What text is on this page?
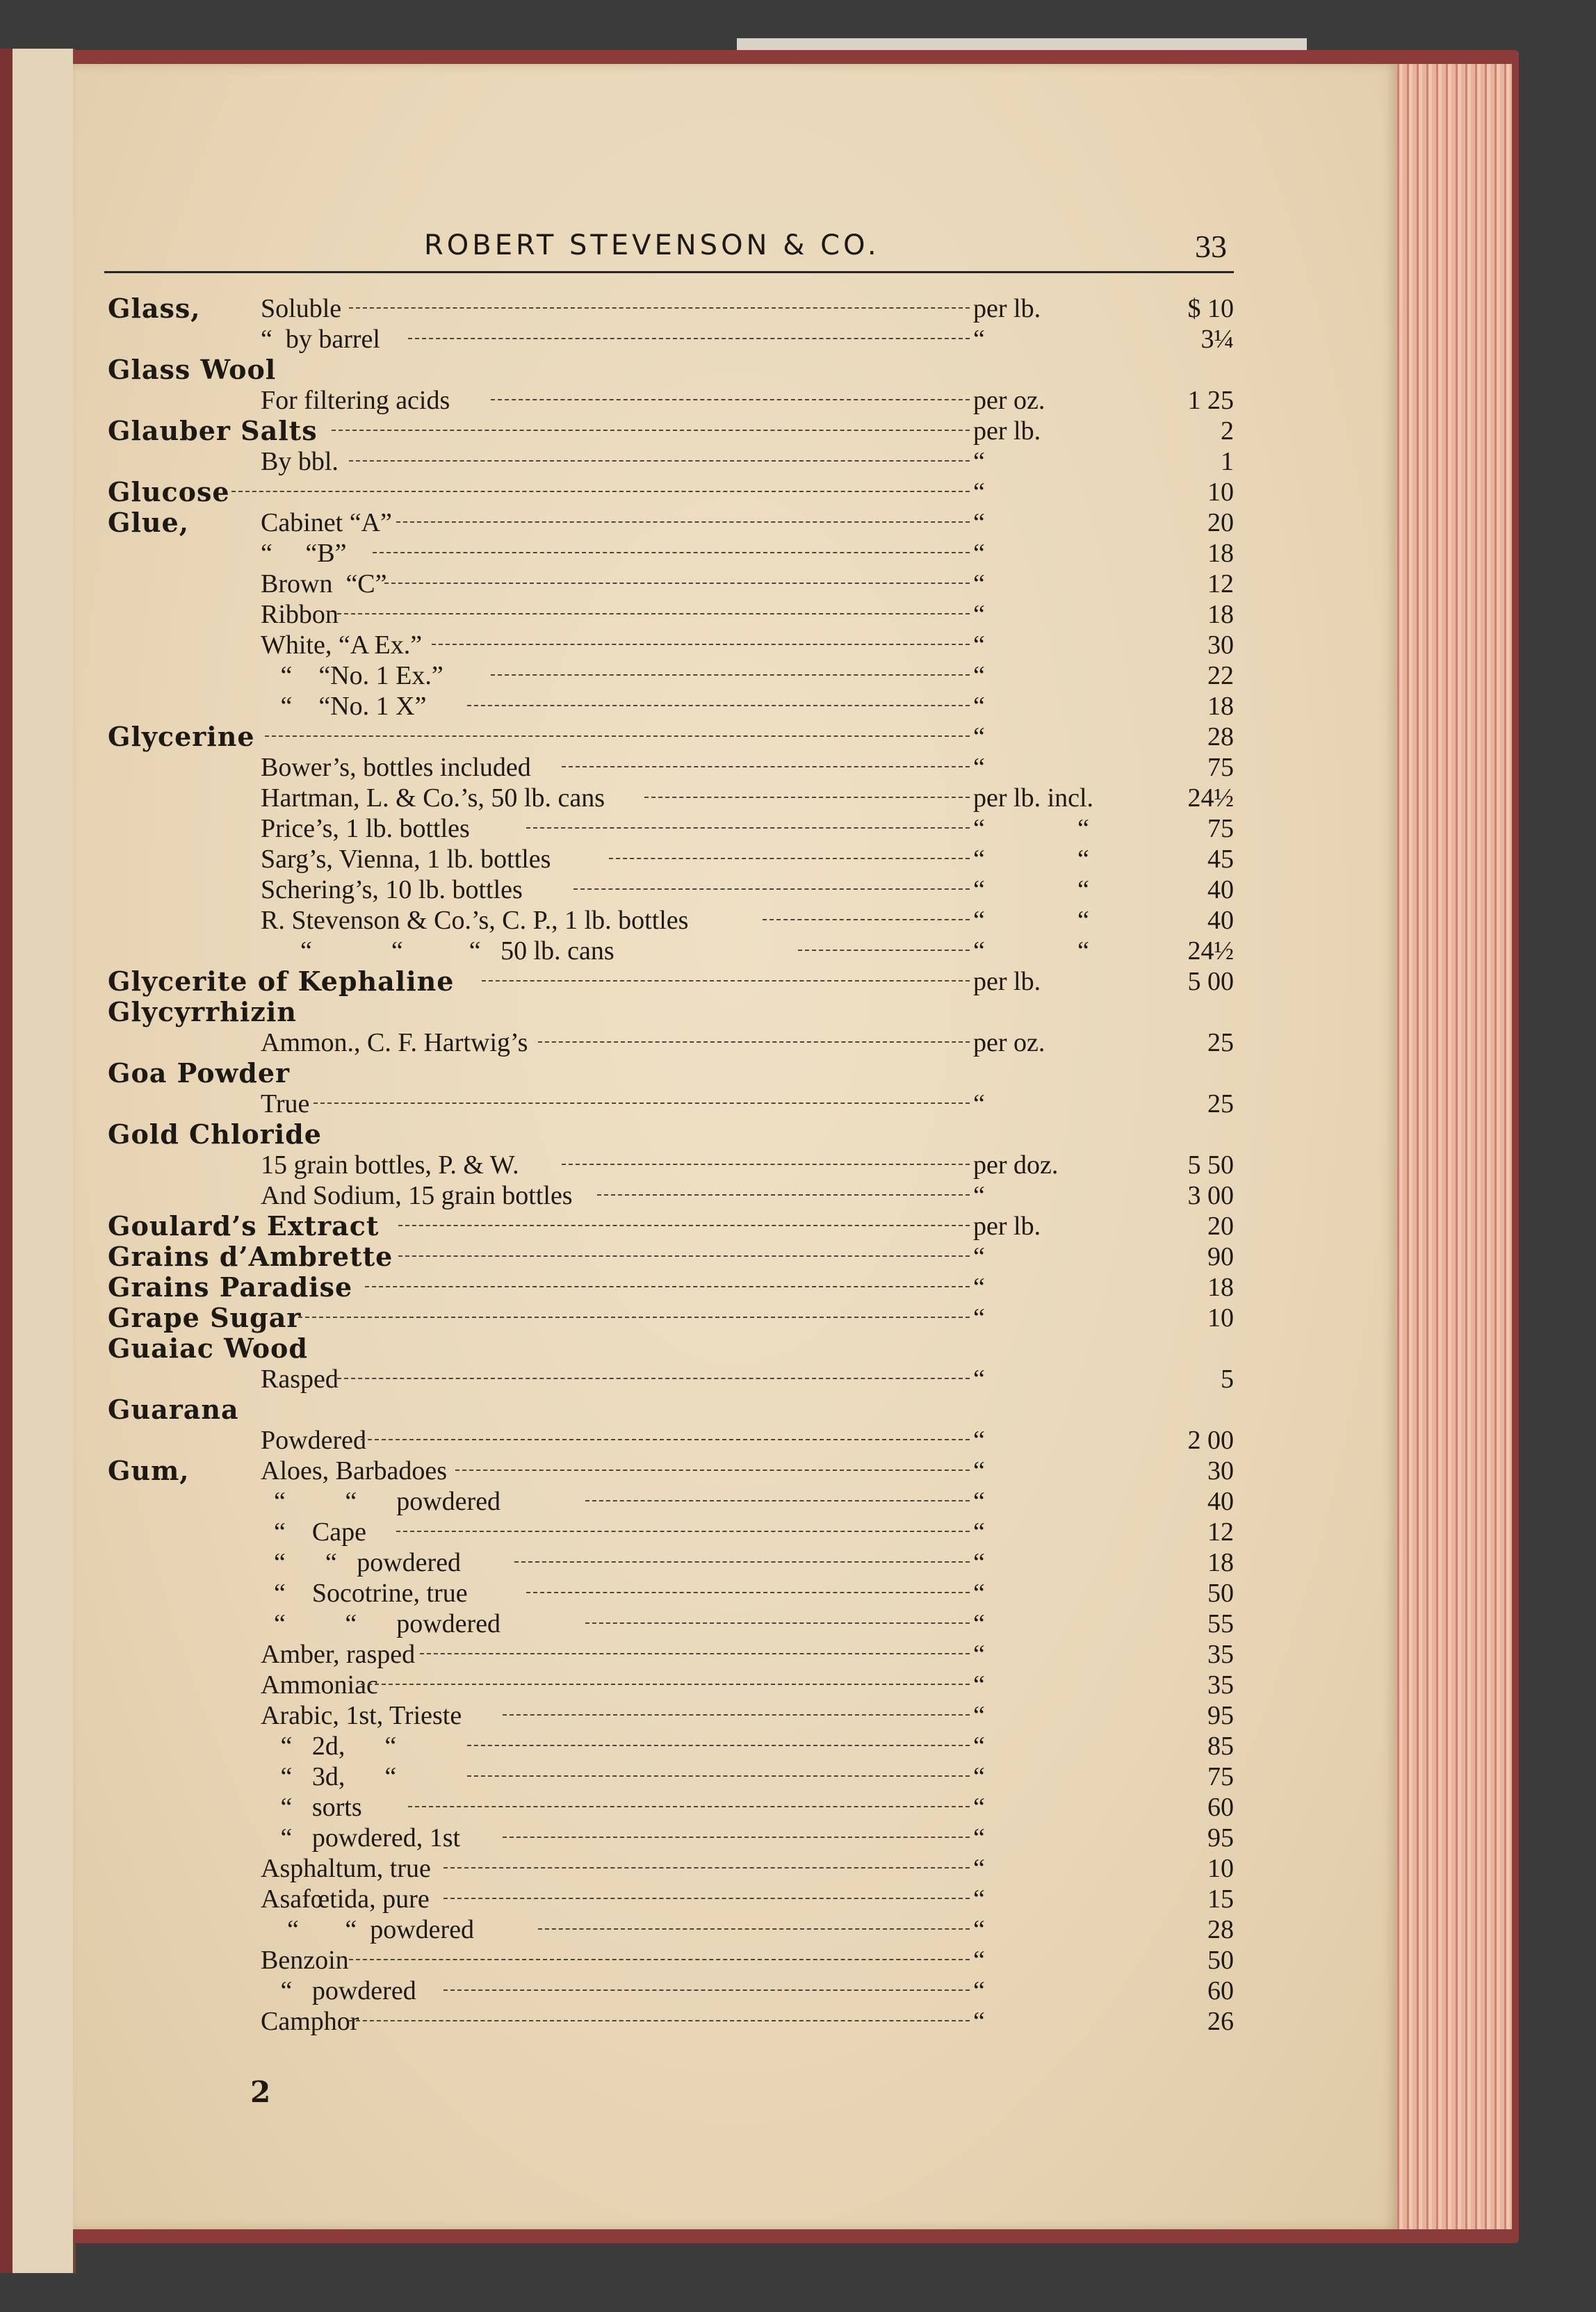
ROBERT STEVENSON & CO.	33
Glass, Soluble	per lb.	$ 10
“  by barrel	“	3¼
Glass Wool
For filtering acids	per oz.	1 25
Glauber Salts	per lb.	2
By bbl.	“	1
Glucose	“	10
Glue,	Cabinet “A”	“	20
“     “B”	“	18
Brown  “C”	“	12
Ribbon	“	18
White, “A Ex.”	“	30
“    “No. 1 Ex.”	“	22
“    “No. 1 X”	“	18
Glycerine	“	28
Bower’s, bottles included	“	75
Hartman, L. & Co.’s, 50 lb. cans	per lb. incl.	24½
Price’s, 1 lb. bottles	“	“	75
Sarg’s, Vienna, 1 lb. bottles	“	“	45
Schering’s, 10 lb. bottles	“	“	40
R. Stevenson & Co.’s, C. P., 1 lb. bottles	“	“	40
“            “          “   50 lb. cans	“	“	24½
Glycerite of Kephaline	per lb.	5 00
Glycyrrhizin
Ammon., C. F. Hartwig’s	per oz.	25
Goa Powder
True	“	25
Gold Chloride
15 grain bottles, P. & W.	per doz.	5 50
And Sodium, 15 grain bottles	“	3 00
Goulard’s Extract	per lb.	20
Grains d’Ambrette	“	90
Grains Paradise	“	18
Grape Sugar	“	10
Guaiac Wood
Rasped	“	5
Guarana
Powdered	“	2 00
Gum,	Aloes, Barbadoes	“	30
“         “      powdered	“	40
“    Cape	“	12
“      “   powdered	“	18
“    Socotrine, true	“	50
“         “      powdered	“	55
Amber, rasped	“	35
Ammoniac	“	35
Arabic, 1st, Trieste	“	95
“   2d,      “	“	85
“   3d,      “	“	75
“   sorts	“	60
“   powdered, 1st	“	95
Asphaltum, true	“	10
Asafœtida, pure	“	15
“       “  powdered	“	28
Benzoin	“	50
“   powdered	“	60
Camphor	“	26
2
